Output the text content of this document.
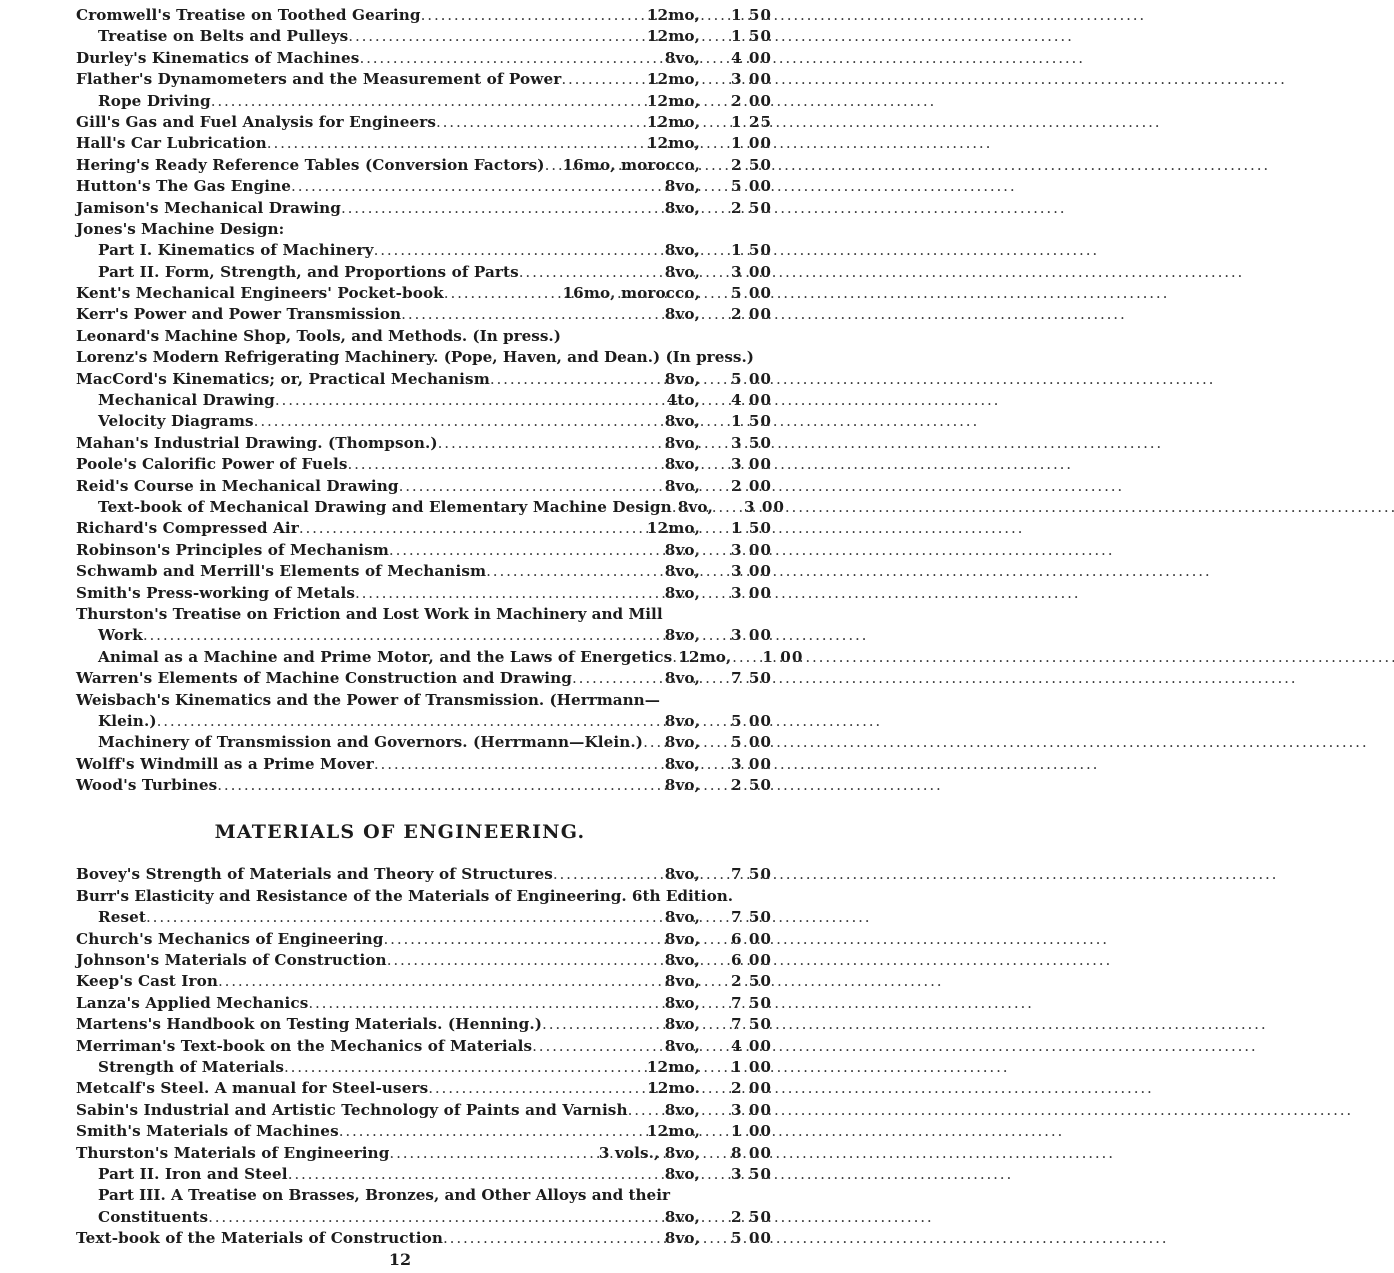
Cromwell's Treatise on Toothed Gearing . . .	12mo,	1 50
Treatise on Belts and Pulleys . . .	12mo,	1 50
Durley's Kinematics of Machines . . .	8vo,	4 00
Flather's Dynamometers and the Measurement of Power . . .	12mo,	3 00
Rope Driving . . .	12mo,	2 00
Gill's Gas and Fuel Analysis for Engineers . . .	12mo,	1 25
Hall's Car Lubrication . . .	12mo,	1 00
Hering's Ready Reference Tables (Conversion Factors) . . . 16mo, morocco,	2 50
Hutton's The Gas Engine . . .	8vo,	5 00
Jamison's Mechanical Drawing . . .	8vo,	2 50
Jones's Machine Design:
Part I. Kinematics of Machinery . . .	8vo,	1 50
Part II. Form, Strength, and Proportions of Parts . . .	8vo,	3 00
Kent's Mechanical Engineers' Pocket-book . . .	16mo, morocco,	5 00
Kerr's Power and Power Transmission . . .	8vo,	2 00
Leonard's Machine Shop, Tools, and Methods. (In press.)
Lorenz's Modern Refrigerating Machinery. (Pope, Haven, and Dean.) (In press.)
MacCord's Kinematics; or, Practical Mechanism . . .	8vo,	5 00
Mechanical Drawing . . .	4to,	4 00
Velocity Diagrams . . .	8vo,	1 50
Mahan's Industrial Drawing. (Thompson.) . . .	8vo,	3 50
Poole's Calorific Power of Fuels . . .	8vo,	3 00
Reid's Course in Mechanical Drawing . . .	8vo,	2 00
Text-book of Mechanical Drawing and Elementary Machine Design . . . 8vo,	3 00
Richard's Compressed Air . . .	12mo,	1 50
Robinson's Principles of Mechanism . . .	8vo,	3 00
Schwamb and Merrill's Elements of Mechanism . . .	8vo,	3 00
Smith's Press-working of Metals . . .	8vo,	3 00
Thurston's Treatise on Friction and Lost Work in Machinery and Mill
Work . . .	8vo,	3 00
Animal as a Machine and Prime Motor, and the Laws of Energetics . . . 12mo,	1 00
Warren's Elements of Machine Construction and Drawing . . .	8vo,	7 50
Weisbach's Kinematics and the Power of Transmission. (Herrmann—
Klein.) . . .	8vo,	5 00
Machinery of Transmission and Governors. (Herrmann—Klein.) . . . 8vo,	5 00
Wolff's Windmill as a Prime Mover . . .	8vo,	3 00
Wood's Turbines . . .	8vo,	2 50
MATERIALS OF ENGINEERING.
Bovey's Strength of Materials and Theory of Structures . . .	8vo,	7 50
Burr's Elasticity and Resistance of the Materials of Engineering. 6th Edition.
Reset . . .	8vo,	7 50
Church's Mechanics of Engineering . . .	8vo,	6 00
Johnson's Materials of Construction . . .	8vo,	6 00
Keep's Cast Iron . . .	8vo,	2 50
Lanza's Applied Mechanics . . .	8vo,	7 50
Martens's Handbook on Testing Materials. (Henning.) . . .	8vo,	7 50
Merriman's Text-book on the Mechanics of Materials . . .	8vo,	4 00
Strength of Materials . . .	12mo,	1 00
Metcalf's Steel. A manual for Steel-users . . .	12mo.	2 00
Sabin's Industrial and Artistic Technology of Paints and Varnish . . . 8vo,	3 00
Smith's Materials of Machines . . .	12mo,	1 00
Thurston's Materials of Engineering . . .	3 vols., 8vo,	8 00
Part II. Iron and Steel . . .	8vo,	3 50
Part III. A Treatise on Brasses, Bronzes, and Other Alloys and their
Constituents . . .	8vo,	2 50
Text-book of the Materials of Construction . . .	8vo,	5 00
12
